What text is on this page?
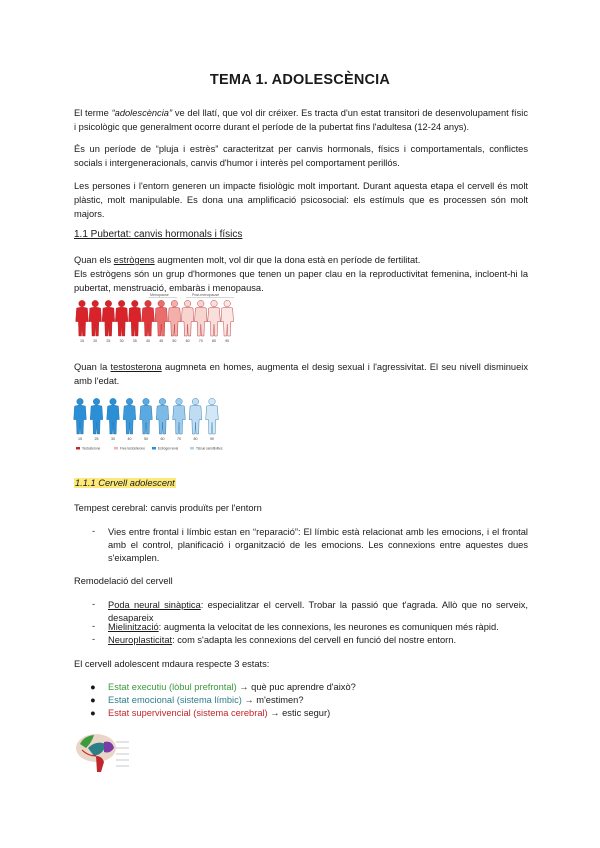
TEMA 1. ADOLESCÈNCIA

El terme “adolescència” ve del llatí, que vol dir créixer. Es tracta d'un estat transitori de desenvolupament físic i psicològic que generalment ocorre durant el període de la pubertat fins l'adultesa (12-24 anys).

És un període de “pluja i estrès” caracteritzat per canvis hormonals, físics i comportamentals, conflictes socials i intergeneracionals, canvis d'humor i interès pel comportament perillós.

Les persones i l'entorn generen un impacte fisiològic molt important. Durant aquesta etapa el cervell és molt plàstic, molt manipulable. Es dona una amplificació psicosocial: els estímuls que es processen són molt majors.

1.1 Pubertat: canvis hormonals i físics

Quan els estrògens augmenten molt, vol dir que la dona està en període de fertilitat.
Els estrògens són un grup d'hormones que tenen un paper clau en la reproductivitat femenina, incloent-hi la pubertat, menstruació, embaràs i menopausa.

Menopause	Post-menopause
15	20	25	30	35	40	45	50	60	70	80	90

Quan la testosterona augmneta en homes, augmenta el desig sexual i l'agressivitat. El seu nivell disminueix amb l'edat.

15	25	30	40	50	60	70	80	90
Testosterone	Free testosterone	Estrogen level	Tissue sensitivities
1.1.1 Cervell adolescent
Tempest cerebral: canvis produïts per l'entorn
- Vies entre frontal i límbic estan en “reparació”: El límbic està relacionat amb les emocions, i el frontal amb el control, planificació i organització de les emocions. Les connexions entre aquestes dues s'eixamplen.

Remodelació del cervell
- Poda neural sinàptica: especialitzar el cervell. Trobar la passió que t'agrada. Allò que no serveix, desapareix

- Mielinització: augmenta la velocitat de les connexions, les neurones es comuniquen més ràpid.

- Neuroplasticitat: com s'adapta les connexions del cervell en funció del nostre entorn.

El cervell adolescent mdaura respecte 3 estats:
● Estat executiu (lòbul prefrontal) → què puc aprendre d'això?
● Estat emocional (sistema límbic) → m'estimen?
● Estat supervivencial (sistema cerebral) → estic segur)
